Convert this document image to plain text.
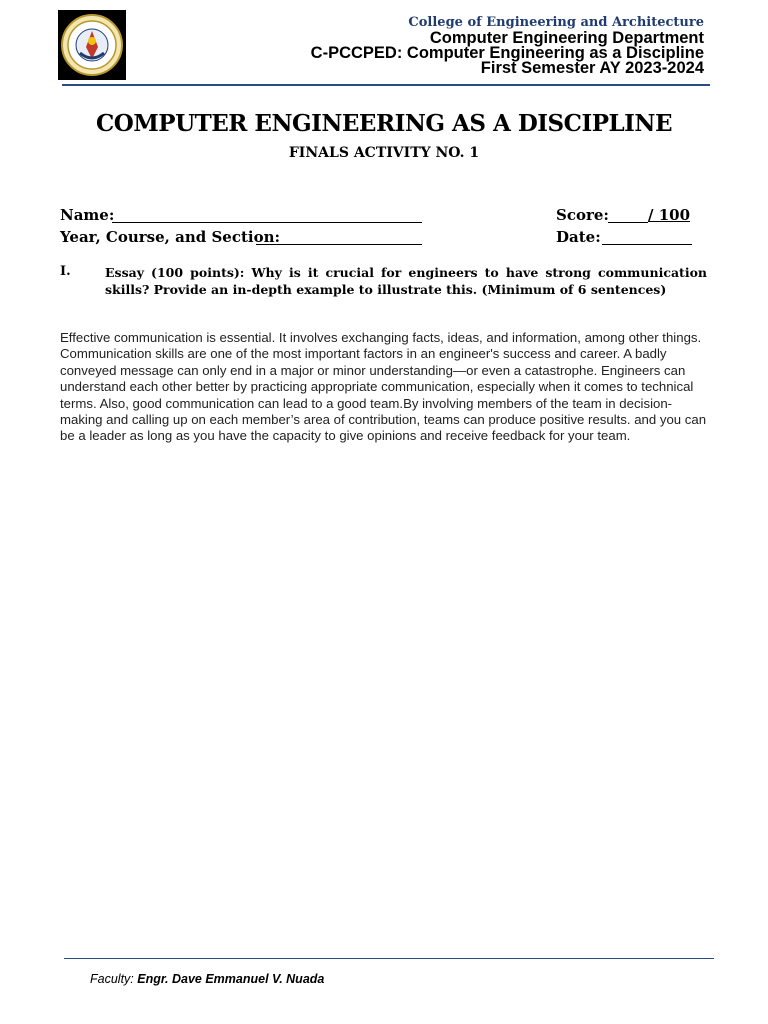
College of Engineering and Architecture
Computer Engineering Department
C-PCCPED: Computer Engineering as a Discipline
First Semester AY 2023-2024
COMPUTER ENGINEERING AS A DISCIPLINE
FINALS ACTIVITY NO. 1
Name:	Score:	/ 100
Year, Course, and Section:	Date:
I.	Essay (100 points): Why is it crucial for engineers to have strong communication skills? Provide an in-depth example to illustrate this. (Minimum of 6 sentences)
Effective communication is essential. It involves exchanging facts, ideas, and information, among other things. Communication skills are one of the most important factors in an engineer's success and career. A badly conveyed message can only end in a major or minor understanding—or even a catastrophe. Engineers can understand each other better by practicing appropriate communication, especially when it comes to technical terms. Also, good communication can lead to a good team.By involving members of the team in decision-making and calling up on each member’s area of contribution, teams can produce positive results. and you can be a leader as long as you have the capacity to give opinions and receive feedback for your team.
Faculty: Engr. Dave Emmanuel V. Nuada
